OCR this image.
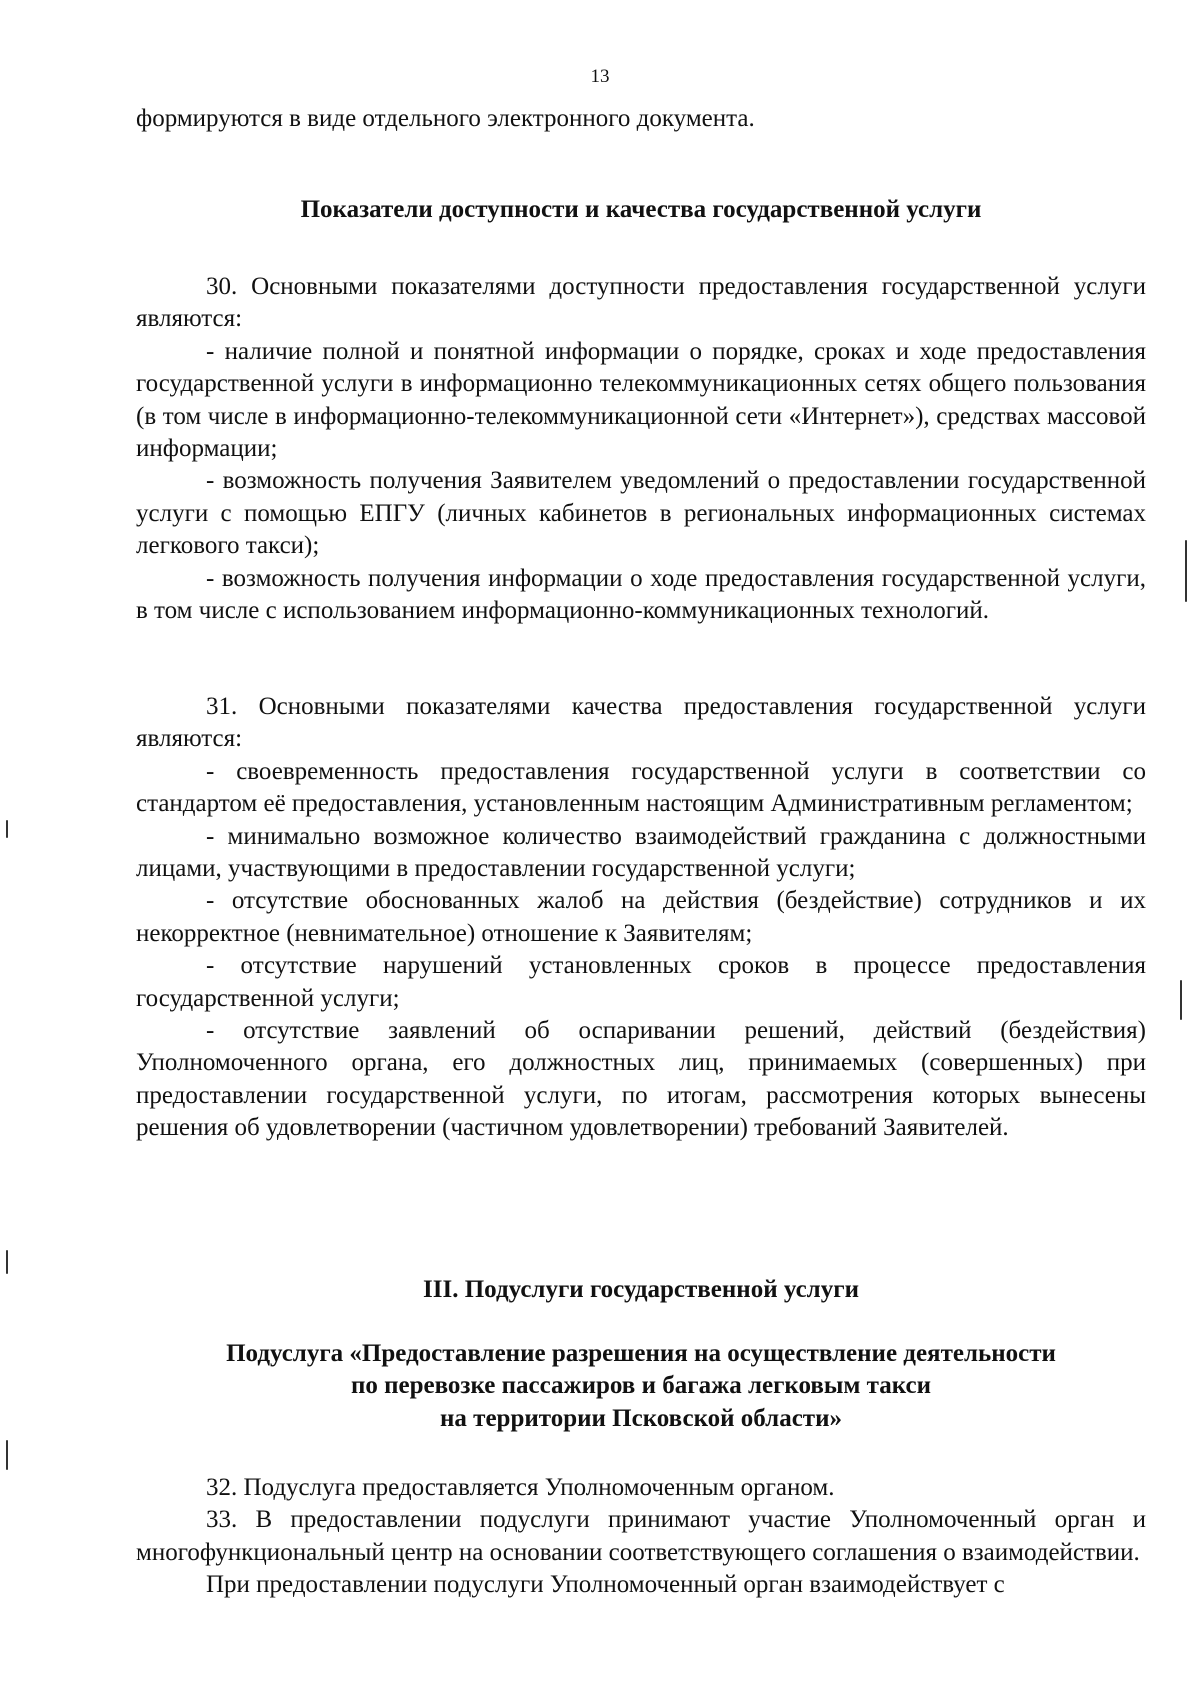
13

формируются в виде отдельного электронного документа.

Показатели доступности и качества государственной услуги

30. Основными показателями доступности предоставления государственной услуги являются:

- наличие полной и понятной информации о порядке, сроках и ходе предоставления государственной услуги в информационно телекоммуникационных сетях общего пользования (в том числе в информационно-телекоммуникационной сети «Интернет»), средствах массовой информации;

- возможность получения Заявителем уведомлений о предоставлении государственной услуги с помощью ЕПГУ (личных кабинетов в региональных информационных системах легкового такси);

- возможность получения информации о ходе предоставления государственной услуги, в том числе с использованием информационно-коммуникационных технологий.

31. Основными показателями качества предоставления государственной услуги являются:

- своевременность предоставления государственной услуги в соответствии со стандартом её предоставления, установленным настоящим Административным регламентом;

- минимально возможное количество взаимодействий гражданина с должностными лицами, участвующими в предоставлении государственной услуги;

- отсутствие обоснованных жалоб на действия (бездействие) сотрудников и их некорректное (невнимательное) отношение к Заявителям;

- отсутствие нарушений установленных сроков в процессе предоставления государственной услуги;

- отсутствие заявлений об оспаривании решений, действий (бездействия) Уполномоченного органа, его должностных лиц, принимаемых (совершенных) при предоставлении государственной услуги, по итогам, рассмотрения которых вынесены решения об удовлетворении (частичном удовлетворении) требований Заявителей.

III. Подуслуги государственной услуги
Подуслуга «Предоставление разрешения на осуществление деятельности
по перевозке пассажиров и багажа легковым такси
на территории Псковской области»

32. Подуслуга предоставляется Уполномоченным органом.

33. В предоставлении подуслуги принимают участие Уполномоченный орган и многофункциональный центр на основании соответствующего соглашения о взаимодействии.

При предоставлении подуслуги Уполномоченный орган взаимодействует с
